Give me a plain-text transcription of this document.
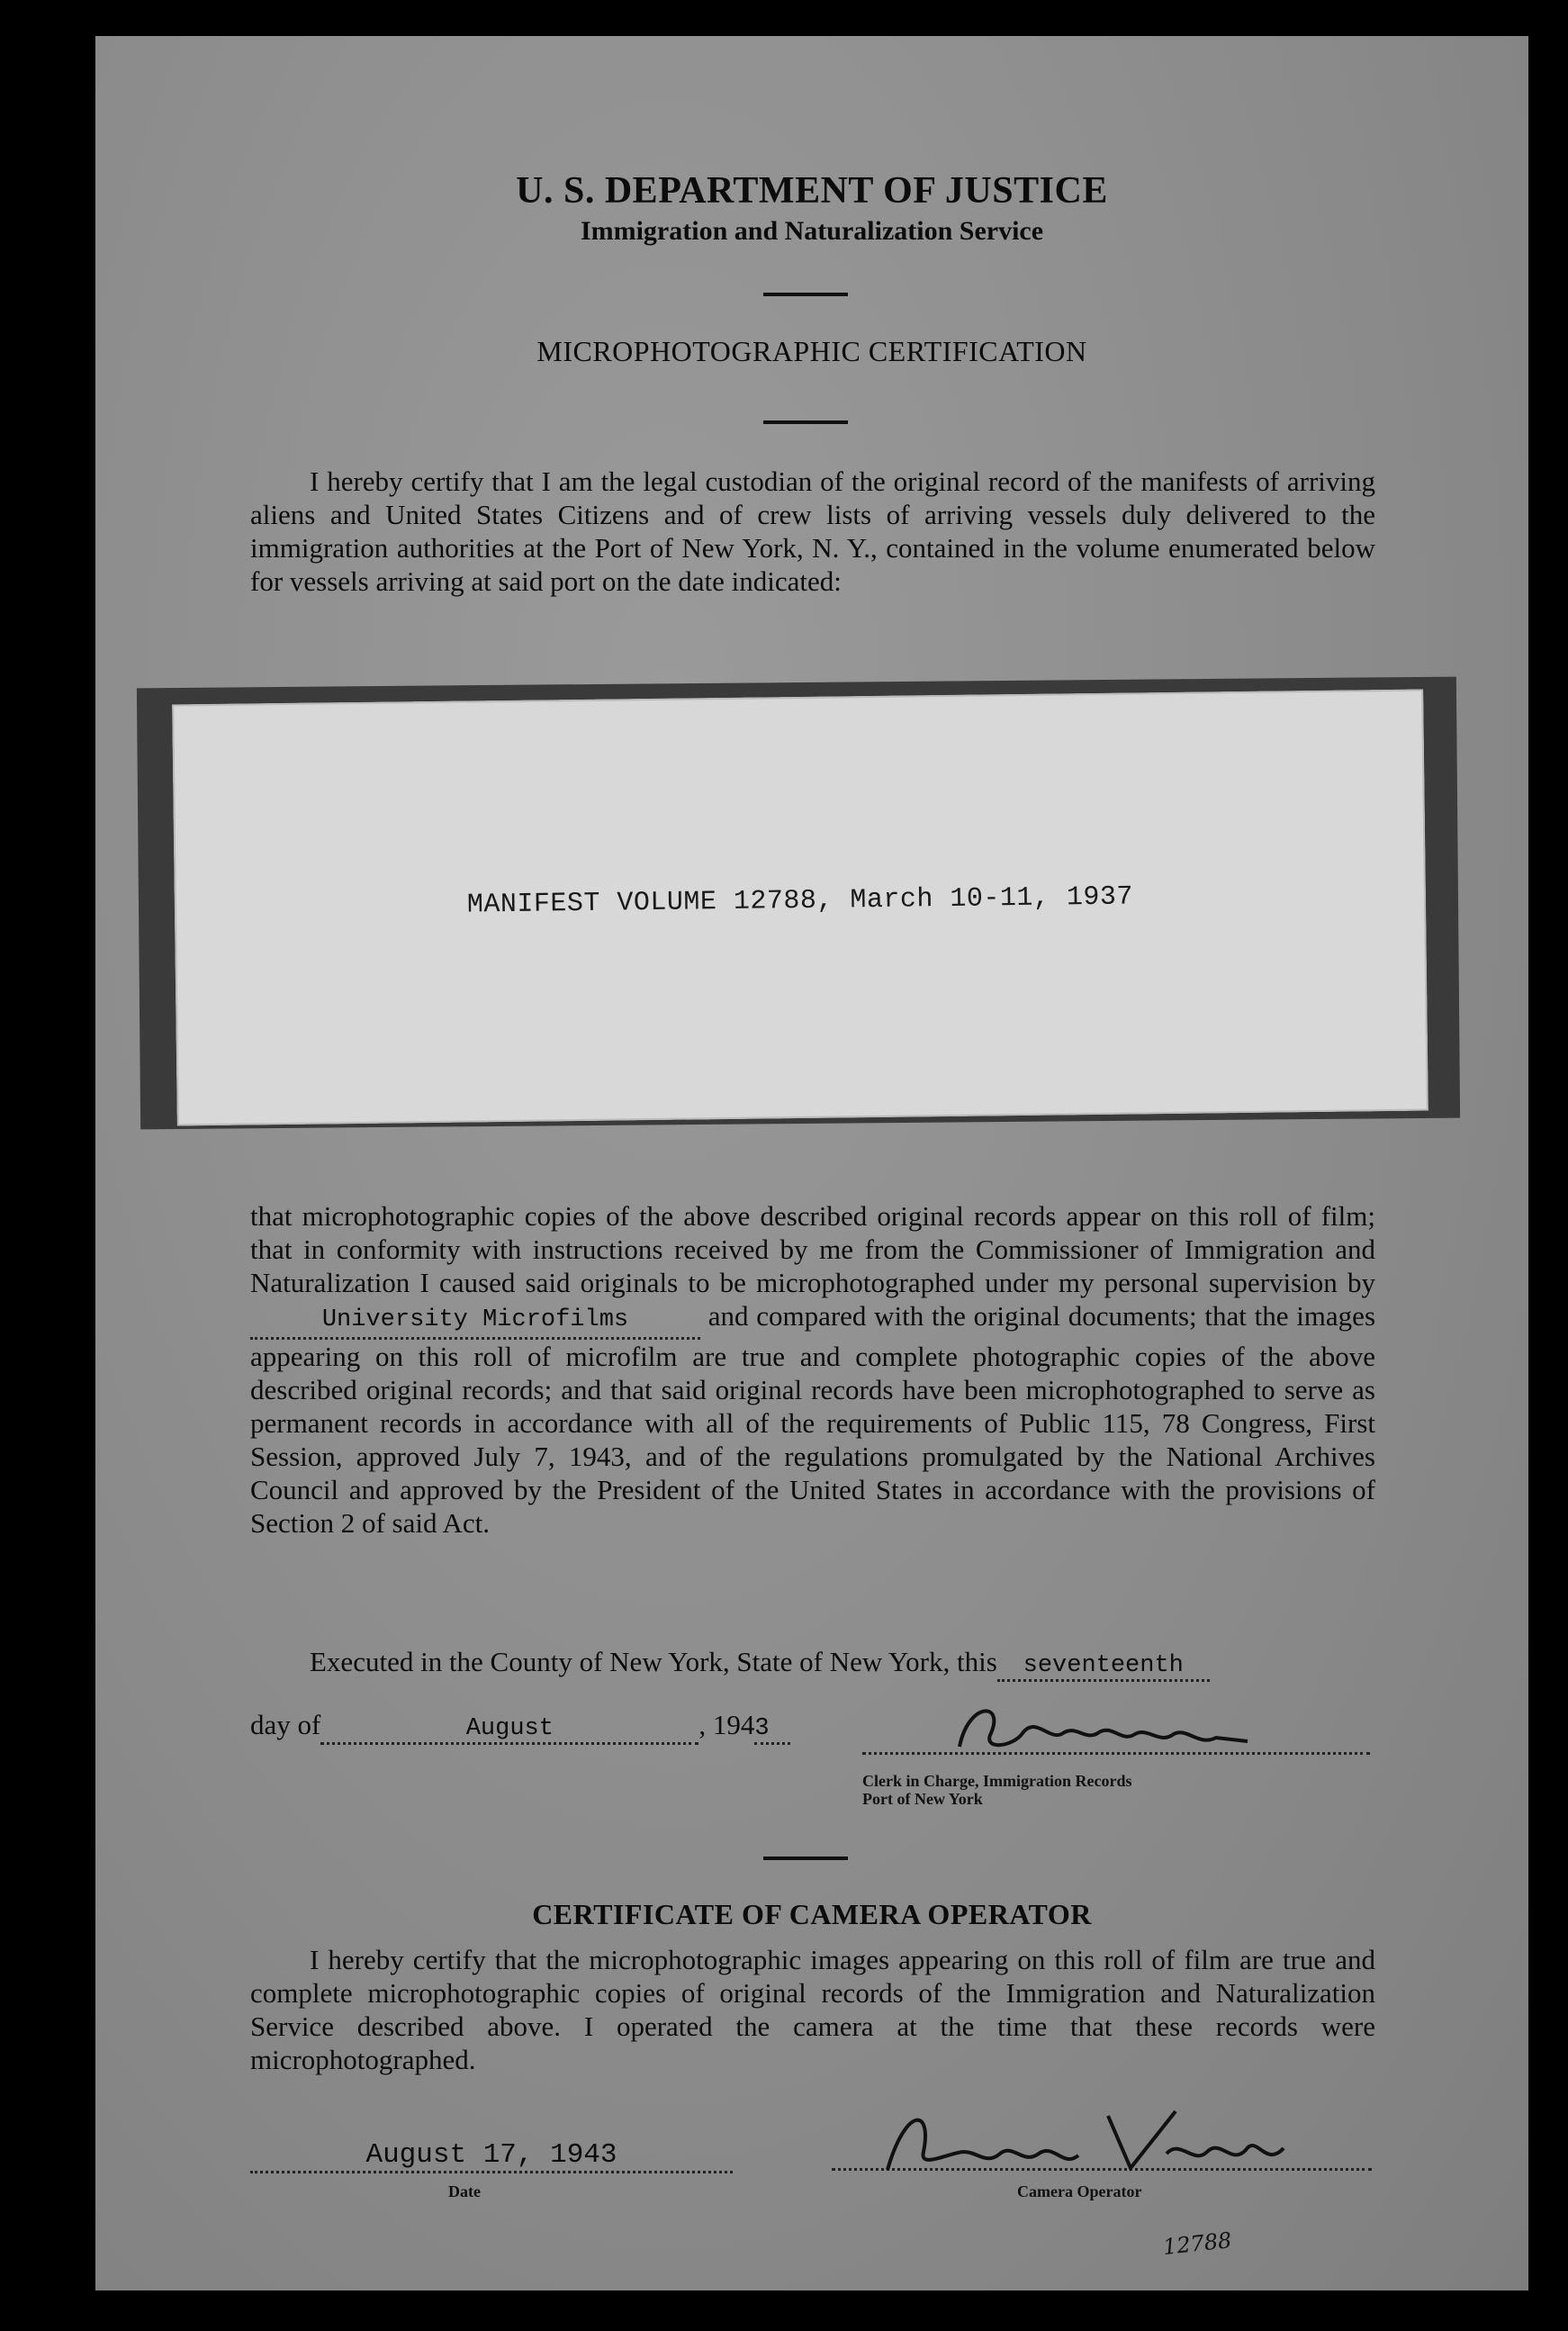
U. S. DEPARTMENT OF JUSTICE
Immigration and Naturalization Service
MICROPHOTOGRAPHIC CERTIFICATION
I hereby certify that I am the legal custodian of the original record of the manifests of arriving aliens and United States Citizens and of crew lists of arriving vessels duly delivered to the immigration authorities at the Port of New York, N. Y., contained in the volume enumerated below for vessels arriving at said port on the date indicated:
MANIFEST VOLUME 12788, March 10-11, 1937
that microphotographic copies of the above described original records appear on this roll of film; that in conformity with instructions received by me from the Commissioner of Immigration and Naturalization I caused said originals to be microphotographed under my personal supervision by University Microfilms	and compared with the original documents; that the images appearing on this roll of microfilm are true and complete photographic copies of the above described original records; and that said original records have been microphotographed to serve as permanent records in accordance with all of the requirements of Public 115, 78 Congress, First Session, approved July 7, 1943, and of the regulations promulgated by the National Archives Council and approved by the President of the United States in accordance with the provisions of Section 2 of said Act.
Executed in the County of New York, State of New York, this seventeenth
day of	August	, 1943
Clerk in Charge, Immigration Records
Port of New York
CERTIFICATE OF CAMERA OPERATOR
I hereby certify that the microphotographic images appearing on this roll of film are true and complete microphotographic copies of original records of the Immigration and Naturalization Service described above. I operated the camera at the time that these records were microphotographed.
August 17, 1943
Date	Camera Operator
12788
